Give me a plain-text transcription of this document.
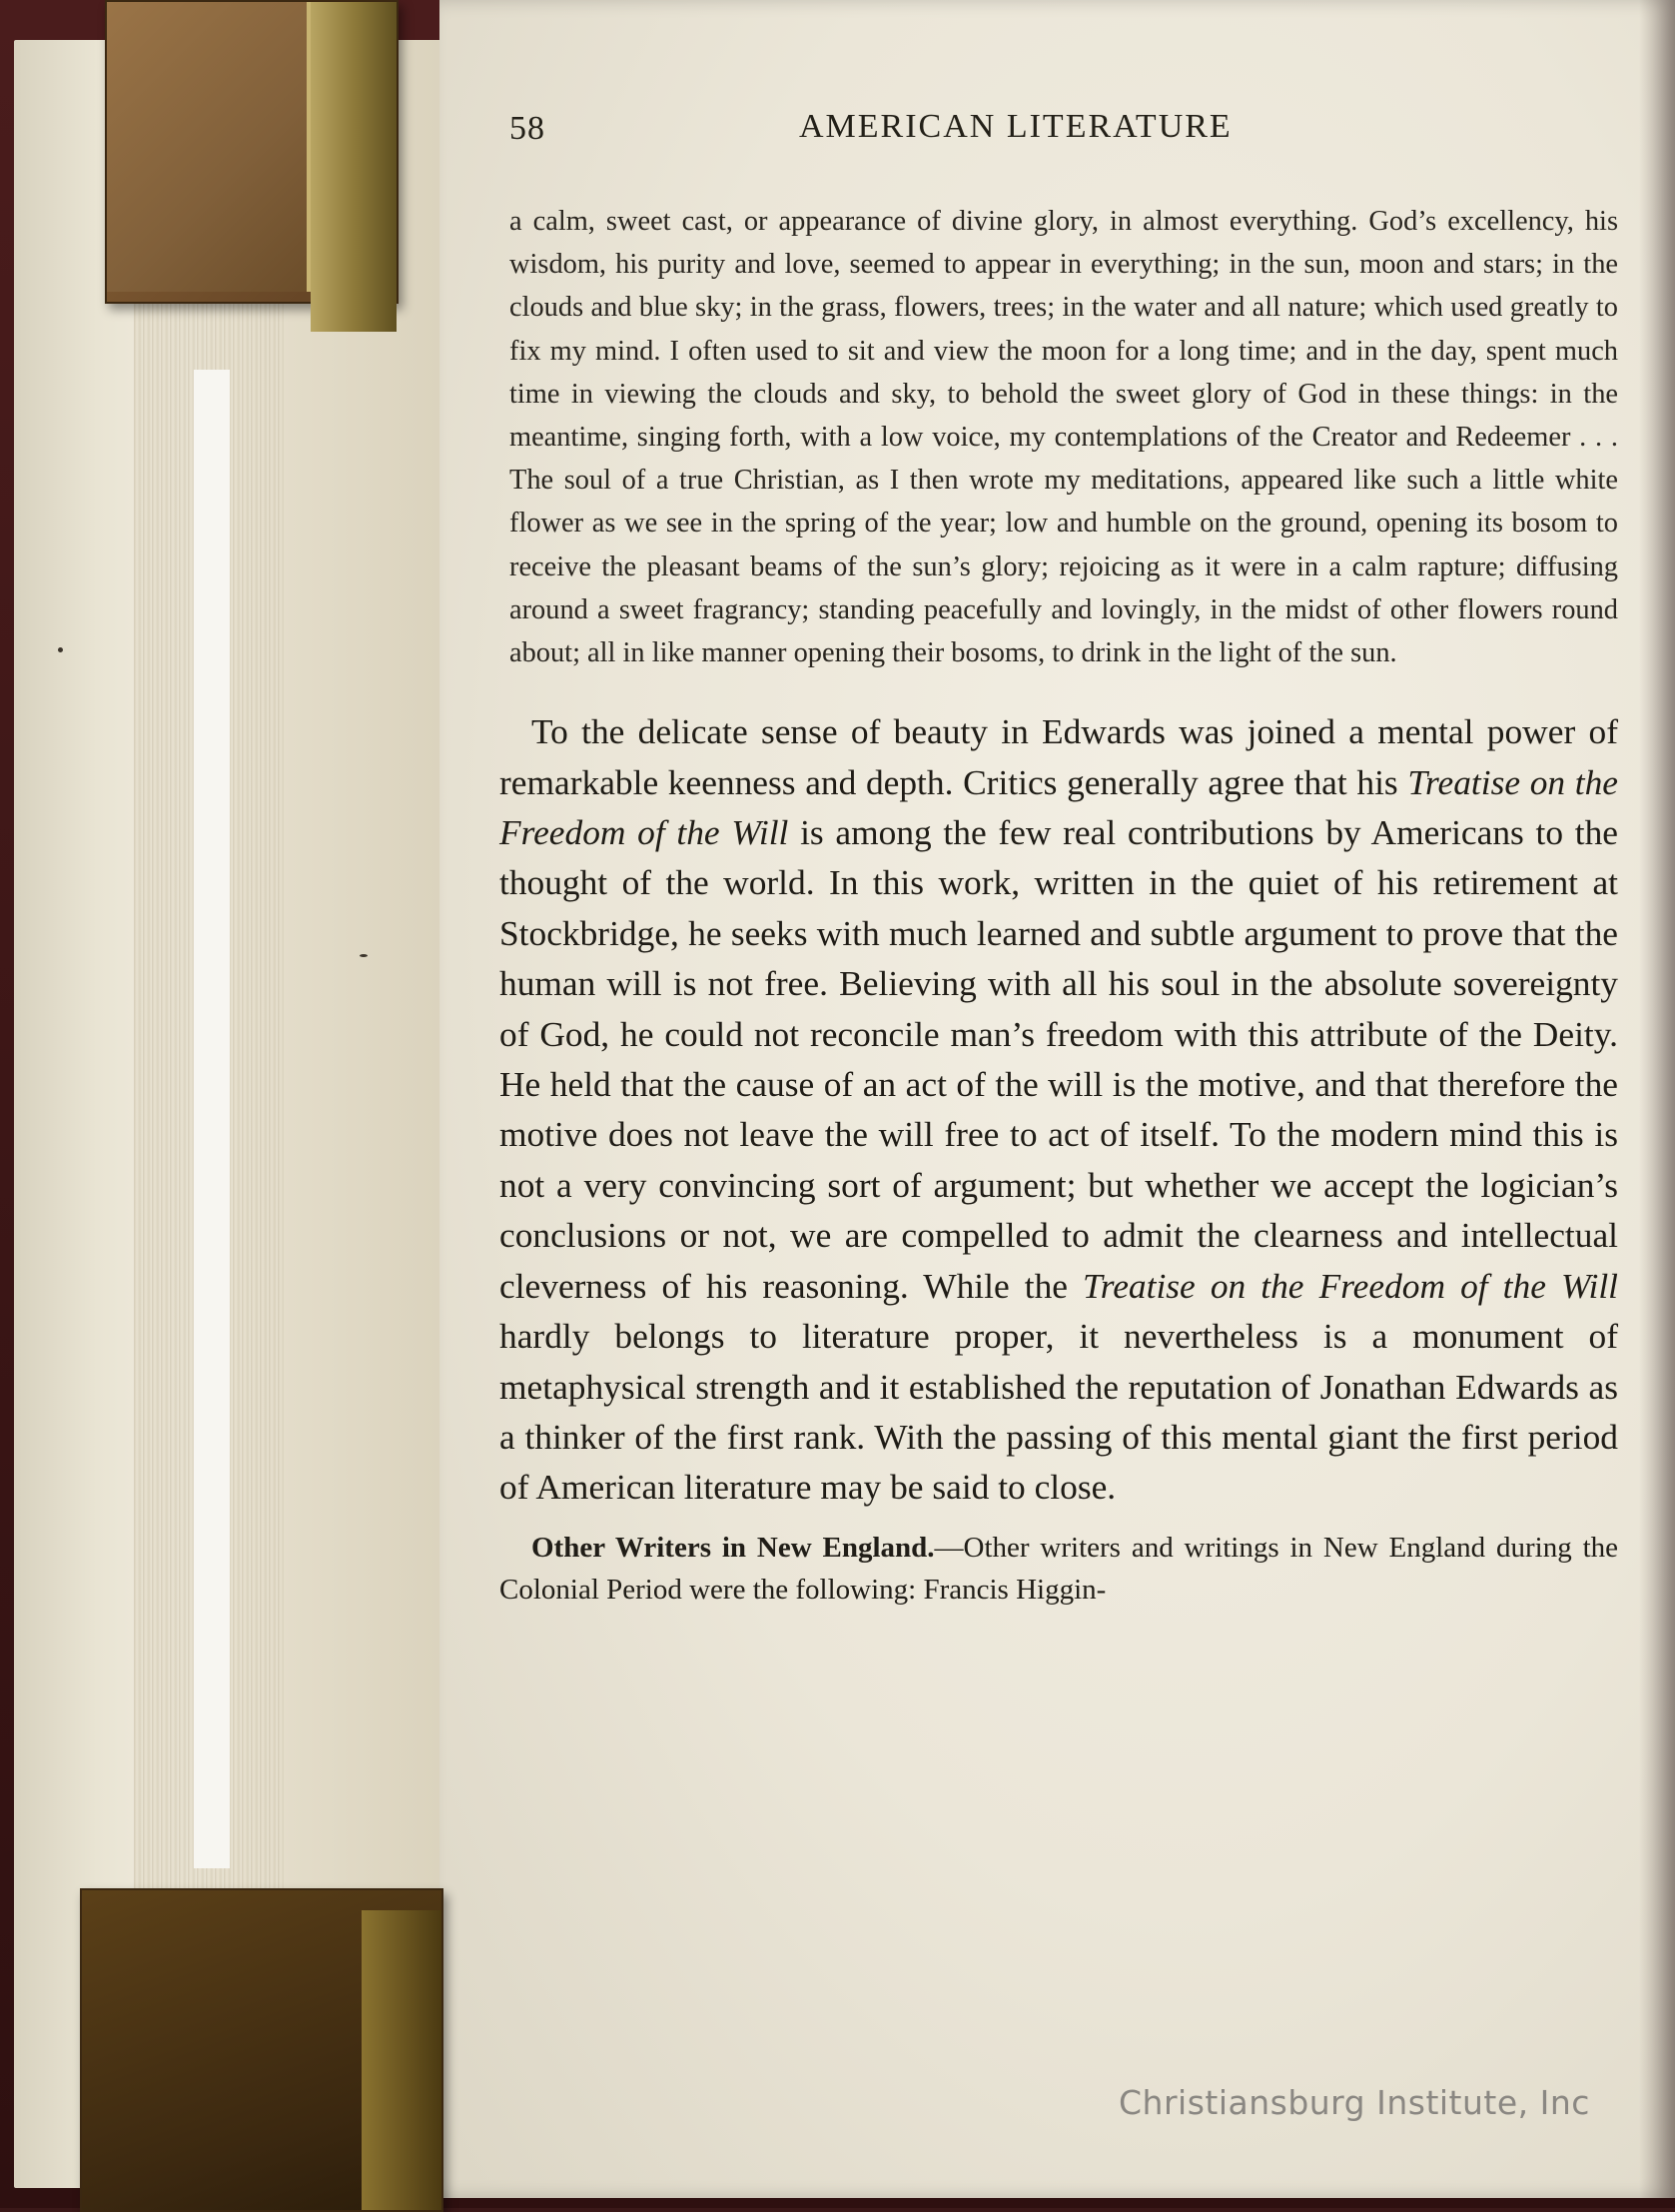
58	AMERICAN LITERATURE
a calm, sweet cast, or appearance of divine glory, in almost everything. God’s excellency, his wisdom, his purity and love, seemed to appear in everything; in the sun, moon and stars; in the clouds and blue sky; in the grass, flowers, trees; in the water and all nature; which used greatly to fix my mind. I often used to sit and view the moon for a long time; and in the day, spent much time in viewing the clouds and sky, to behold the sweet glory of God in these things: in the meantime, singing forth, with a low voice, my contemplations of the Creator and Redeemer . . . The soul of a true Christian, as I then wrote my meditations, appeared like such a little white flower as we see in the spring of the year; low and humble on the ground, opening its bosom to receive the pleasant beams of the sun’s glory; rejoicing as it were in a calm rapture; diffusing around a sweet fragrancy; standing peacefully and lovingly, in the midst of other flowers round about; all in like manner opening their bosoms, to drink in the light of the sun.
To the delicate sense of beauty in Edwards was joined a mental power of remarkable keenness and depth. Critics generally agree that his Treatise on the Freedom of the Will is among the few real contributions by Americans to the thought of the world. In this work, written in the quiet of his retirement at Stockbridge, he seeks with much learned and subtle argument to prove that the human will is not free. Believing with all his soul in the absolute sovereignty of God, he could not reconcile man’s freedom with this attribute of the Deity. He held that the cause of an act of the will is the motive, and that therefore the motive does not leave the will free to act of itself. To the modern mind this is not a very convincing sort of argument; but whether we accept the logician’s conclusions or not, we are compelled to admit the clearness and intellectual cleverness of his reasoning. While the Treatise on the Freedom of the Will hardly belongs to literature proper, it nevertheless is a monument of metaphysical strength and it established the reputation of Jonathan Edwards as a thinker of the first rank. With the passing of this mental giant the first period of American literature may be said to close.
Other Writers in New England.—Other writers and writings in New England during the Colonial Period were the following: Francis Higgin-
Christiansburg Institute, Inc
